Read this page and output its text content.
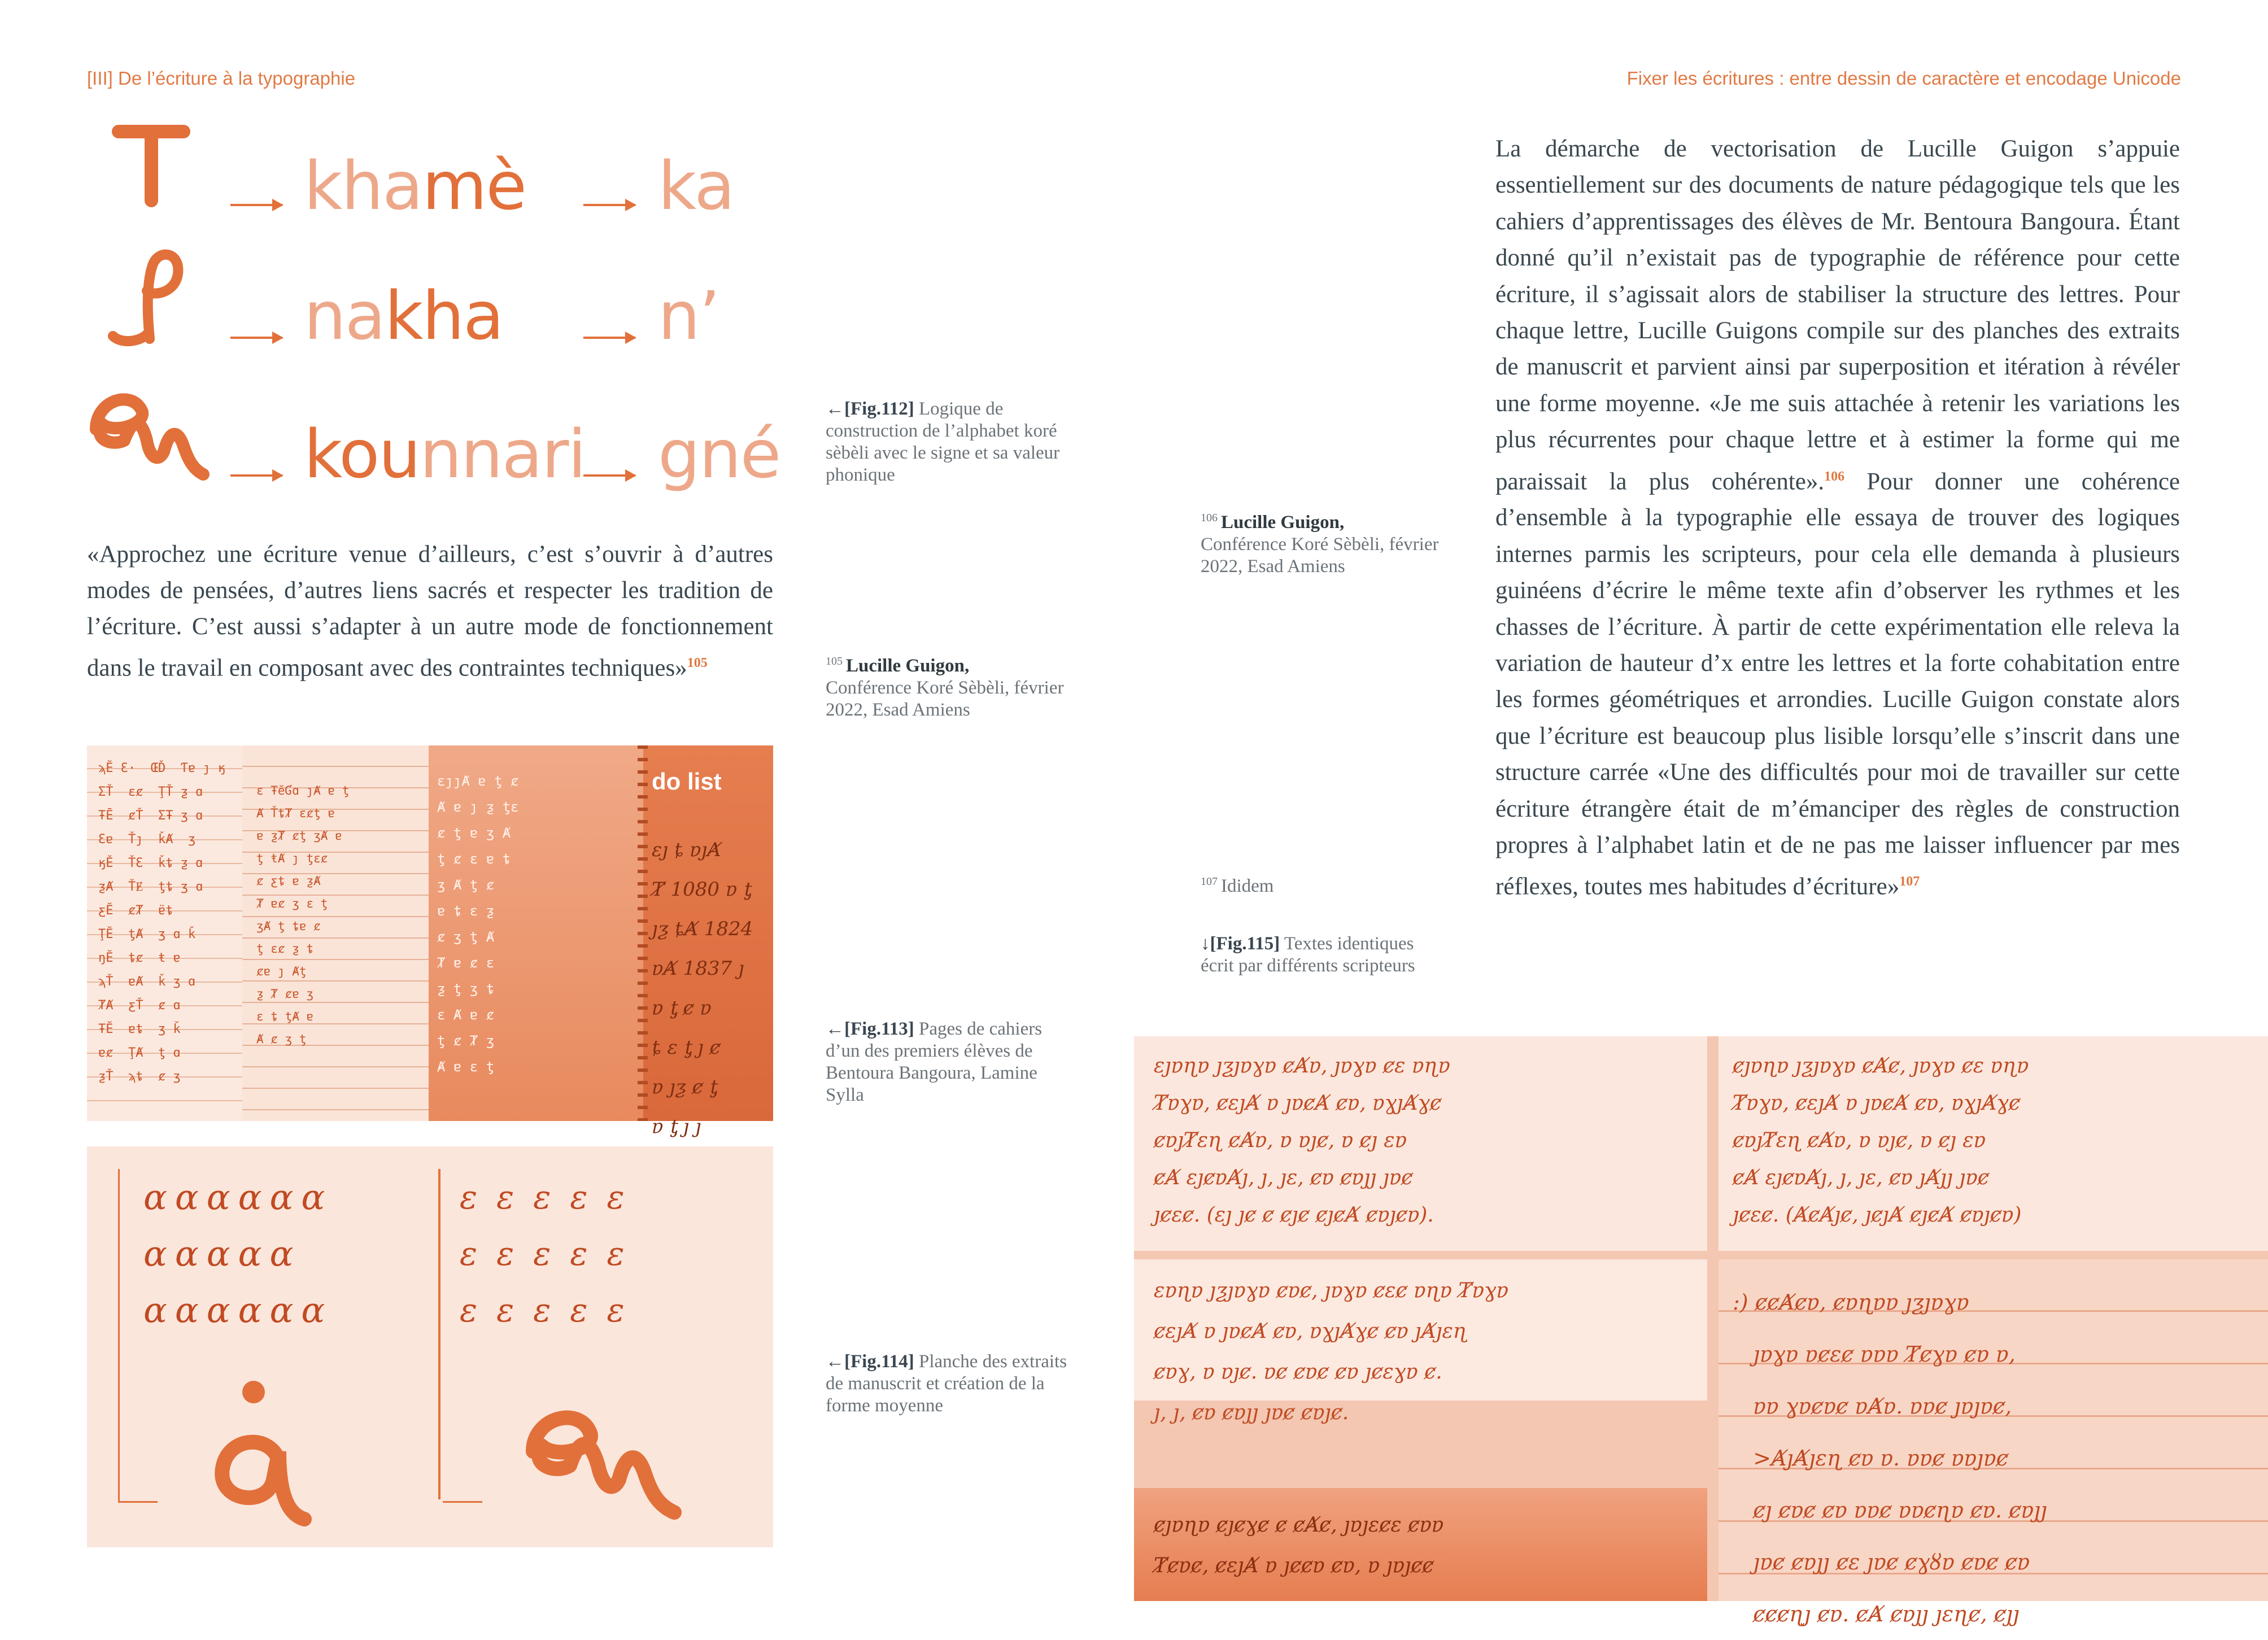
[III] De l’écriture à la typographie	Fixer les écritures : entre dessin de caractère et encodage Unicode
khamè ka
nakha n’
kounnari gné
«Approchez une écriture venue d’ailleurs, c’est s’ouvrir à d’autres modes de pensées, d’autres liens sacrés et respecter les tradition de l’écriture. C’est aussi s’adapter à un autre mode de fonctionnement dans le travail en composant avec des contraintes techniques»$^{105}$
do list
ϡĔ Ɛ·  ŒĎ  Ƭɐ ȷ ӄ
ƩŤ  ɛȼ  ŢŤ ƺ ɑ
ŦĒ  ȼŤ  ƩŦ ʒ ɑ
Ɛɐ  Ťȷ  ǩȺ  ʒ
ӄĚ  ŤƐ  ǩȶ ƺ ɑ
ƺȺ  ŤɆ  ƫȶ ʒ ɑ
ƹĔ  ȼȾ  ɐ̈ȶ
ŢĔ  ƫȺ  ʒ ɑ ǩ
ŋĔ  ȶȼ  ŧ ɐ
ϡŤ  ɐȺ  ǩ ʒ ɑ
ȾȺ  ƹŤ  ȼ ɑ
ŦĔ  ɐȶ  ʒ ǩ
ɐȼ  ŢȺ  ƫ ɑ
ƺŤ  ϡȶ  ȼ ʒ
ɛ ŦĕƓɑ ȷȺ ɐ ƫ
Ⱥ ŤȶȾ ɛȼƫ ɐ
ɐ ƺȾ ȼƫ ʒȺ ɐ
ƫ ŧȺ ȷ ƫɛȼ
ȼ ƹȶ ɐ ƺȺ
Ⱦ ɐȼ ʒ ɛ ƫ
ʒȺ ƫ ȶɐ ȼ
ƫ ɛȼ ƺ ȶ
ȼɐ ȷ Ⱥƫ
ƺ Ⱦ ȼɐ ʒ
ɛ ȶ ƫȺ ɐ
Ⱥ ȼ ʒ ƫ
ɛȷȷȺ ɐ ƫ ȼ
Ⱥ ɐ ȷ ƺ ƫɛ
ȼ ƫ ɐ ʒ Ⱥ
ƫ ȼ ɛ ɐ ȶ
ʒ Ⱥ ƫ ȼ
ɐ ȶ ɛ ƺ
ȼ ʒ ƫ Ⱥ
Ⱦ ɐ ȼ ɛ
ƺ ƫ ʒ ȶ
ɛ Ⱥ ɐ ȼ
ƫ ȼ Ⱦ ʒ
Ⱥ ɐ ɛ ƫ
ɛȷ ȶ ɐȷȺ
Ⱦ 1080 ɐ ƫ
ȷƺ ȶȺ 1824
ɐȺ 1837 ȷ
ɐ ƫ ȼ ɐ
ȶ ɛ ƫ ȷ ȼ
ɐ ȷƺ ȼ ƫ
ɐ ƫ ȷ ȷ

ɑɑɑɑɑɑ
ɑɑɑɑɑ
ɑɑɑɑɑɑ
ɛɛɛɛɛ
ɛɛɛɛɛ
ɛɛɛɛɛ
←[Fig.112] Logique de construction de l’alphabet koré sèbèli avec le signe et sa valeur phonique
$^{105}$ Lucille Guigon,
Conférence Koré Sèbèli, février 2022, Esad Amiens
←[Fig.113] Pages de cahiers d’un des premiers élèves de Bentoura Bangoura, Lamine Sylla
←[Fig.114] Planche des extraits de manuscrit et création de la forme moyenne
$^{106}$ Lucille Guigon,
Conférence Koré Sèbèli, février 2022, Esad Amiens
$^{107}$ Ididem
↓[Fig.115] Textes identiques écrit par différents scripteurs
La démarche de vectorisation de Lucille Guigon s’appuie essentiellement sur des documents de nature pédagogique tels que les cahiers d’apprentissages des élèves de Mr. Bentoura Bangoura. Étant donné qu’il n’existait pas de typographie de référence pour cette écriture, il s’agissait alors de stabiliser la structure des lettres. Pour chaque lettre, Lucille Guigons compile sur des planches des extraits de manuscrit et parvient ainsi par superposition et itération à révéler une forme moyenne. «Je me suis attachée à retenir les variations les plus récurrentes pour chaque lettre et à estimer la forme qui me paraissait la plus cohérente».$^{106}$ Pour donner une cohérence d’ensemble à la typographie elle essaya de trouver des logiques internes parmis les scripteurs, pour cela elle demanda à plusieurs guinéens d’écrire le même texte afin d’observer les rythmes et les chasses de l’écriture. À partir de cette expérimentation elle releva la variation de hauteur d’x entre les lettres et la forte cohabitation entre les formes géométriques et arrondies. Lucille Guigon constate alors que l’écriture est beaucoup plus lisible lorsqu’elle s’inscrit dans une structure carrée «Une des difficultés pour moi de travailler sur cette écriture étrangère était de m’émanciper des règles de construction propres à l’alphabet latin et de ne pas me laisser influencer par mes réflexes, toutes mes habitudes d’écriture»$^{107}$
ɛȷɐɳɐ ȷƺȷɐɣɐ ȼȺɐ, ȷɐɣɐ ȼɛ ɐɳɐ
Ⱦɐɣɐ, ȼɛȷȺ ɐ ȷɐȼȺ ȼɐ, ɐɣȷȺɣȼ
ȼɐȷȾɛɳ ȼȺɐ, ɐ ɐȷȼ, ɐ ȼȷ ɛɐ
ȼȺ ɛȷȼɐȺȷ, ȷ, ȷɛ, ȼɐ ȼɐȷȷ ȷɐȼ
ȷȼɛȼ. (ɛȷ ȷȼ ȼ ȼȷȼ ȼȷȼȺ ȼɐȷȼɐ).
ȼȷɐɳɐ ȷƺȷɐɣɐ ȼȺȼ, ȷɐɣɐ ȼɛ ɐɳɐ
Ⱦɐɣɐ, ȼɛȷȺ ɐ ȷɐȼȺ ȼɐ, ɐɣȷȺɣȼ
ȼɐȷȾɛɳ ȼȺɐ, ɐ ɐȷȼ, ɐ ȼȷ ɛɐ
ȼȺ ɛȷȼɐȺȷ, ȷ, ȷɛ, ȼɐ ȷȺȷȷ ȷɐȼ
ȷȼɛȼ. (ȺȼȺȷȼ, ȷȼȷȺ ȼȷȼȺ ȼɐȷȼɐ)
ɛɐɳɐ ȷƺȷɐɣɐ ȼɐȼ, ȷɐɣɐ ȼɛȼ ɐɳɐ Ⱦɐɣɐ
ȼɛȷȺ ɐ ȷɐȼȺ ȼɐ, ɐɣȷȺɣȼ ȼɐ ȷȺȷɛɳ
ȼɐɣ, ɐ ɐȷȼ. ɐȼ ȼɐȼ ȼɐ ȷȼɛɣɐ ȼ.
ȷ, ȷ, ȼɐ ȼɐȷȷ ȷɐȼ ȼɐȷȼ.
:) ȼȼȺȼɐ, ȼɐɳɐɐ ȷƺȷɐɣɐ
ȷɐɣɐ ɐȼɛȼ ɐɐɐ Ⱦȼɣɐ ȼɐ ɐ,
ɐɐ ɣɐȼɐȼ ɐȺɐ. ɐɐȼ ȷɐȷɐȼ,
>ȺȷȺȷɛɳ ȼɐ ɐ. ɐɐȼ ɐɐȷɐȼ
ȼȷ ȼɐȼ ȼɐ ɐɐȼ ɐɐȼɳɐ ȼɐ. ȼɐȷȷ
ȷɐȼ ȼɐȷȷ ȼɛ ȷɐȼ ȼɣȣɐ ȼɐȼ ȼɐ
ȼȼȼɳȷ ȼɐ. ȼȺ ȼɐȷȷ ȷɛɳȼ, ȼȷȷ
ȼȷɐɳɐ ȼȷȼɣȼ ȼ ȼȺȼ, ȷɐȷɛȼɛ ȼɐɐ
Ⱦȼɐȼ, ȼɛȷȺ ɐ ȷȼȼɐ ȼɐ, ɐ ȷɐȷȼȼ
